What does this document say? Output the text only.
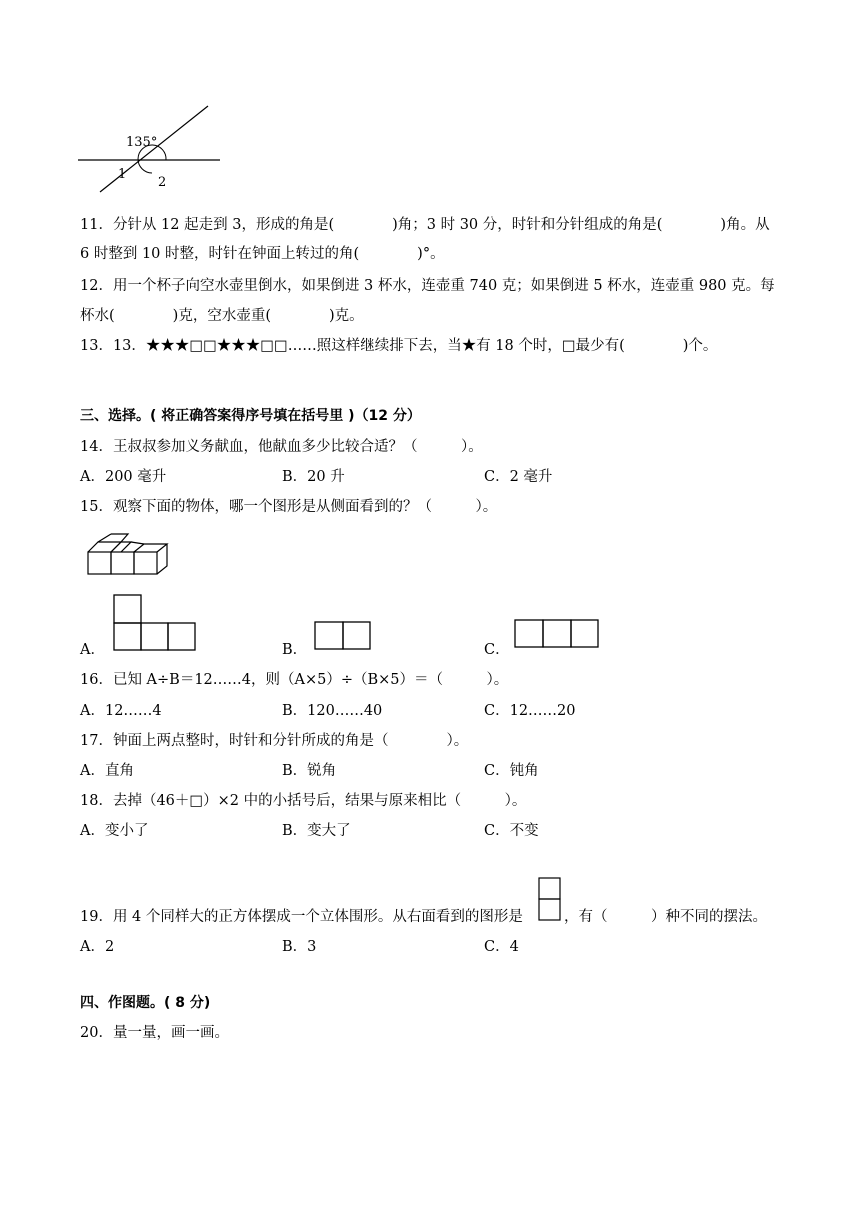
135°
1
2
11．分针从 12 起走到 3，形成的角是(　　　　)角；3 时 30 分，时针和分针组成的角是(　　　　)角。从
6 时整到 10 时整，时针在钟面上转过的角(　　　　)°。
12．用一个杯子向空水壶里倒水，如果倒进 3 杯水，连壶重 740 克；如果倒进 5 杯水，连壶重 980 克。每
杯水(　　　　)克，空水壶重(　　　　)克。
13．13．★★★□□★★★□□……照这样继续排下去，当★有 18 个时，□最少有(　　　　)个。
三、选择。( 将正确答案得序号填在括号里 )（12 分）
14．王叔叔参加义务献血，他献血多少比较合适？（　　　）。
A．200 毫升	B．20 升	C．2 毫升
15．观察下面的物体，哪一个图形是从侧面看到的？（　　　）。
A．	B．	C．
16．已知 A÷B＝12……4，则（A×5）÷（B×5）＝（　　　）。
A．12……4	B．120……40	C．12……20
17．钟面上两点整时，时针和分针所成的角是（　　　　）。
A．直角	B．锐角	C．钝角
18．去掉（46＋□）×2 中的小括号后，结果与原来相比（　　　）。
A．变小了	B．变大了	C．不变
19．用 4 个同样大的正方体摆成一个立体围形。从右面看到的图形是	，有（　　　）种不同的摆法。
A．2	B．3	C．4
四、作图题。( 8 分)
20．量一量，画一画。
